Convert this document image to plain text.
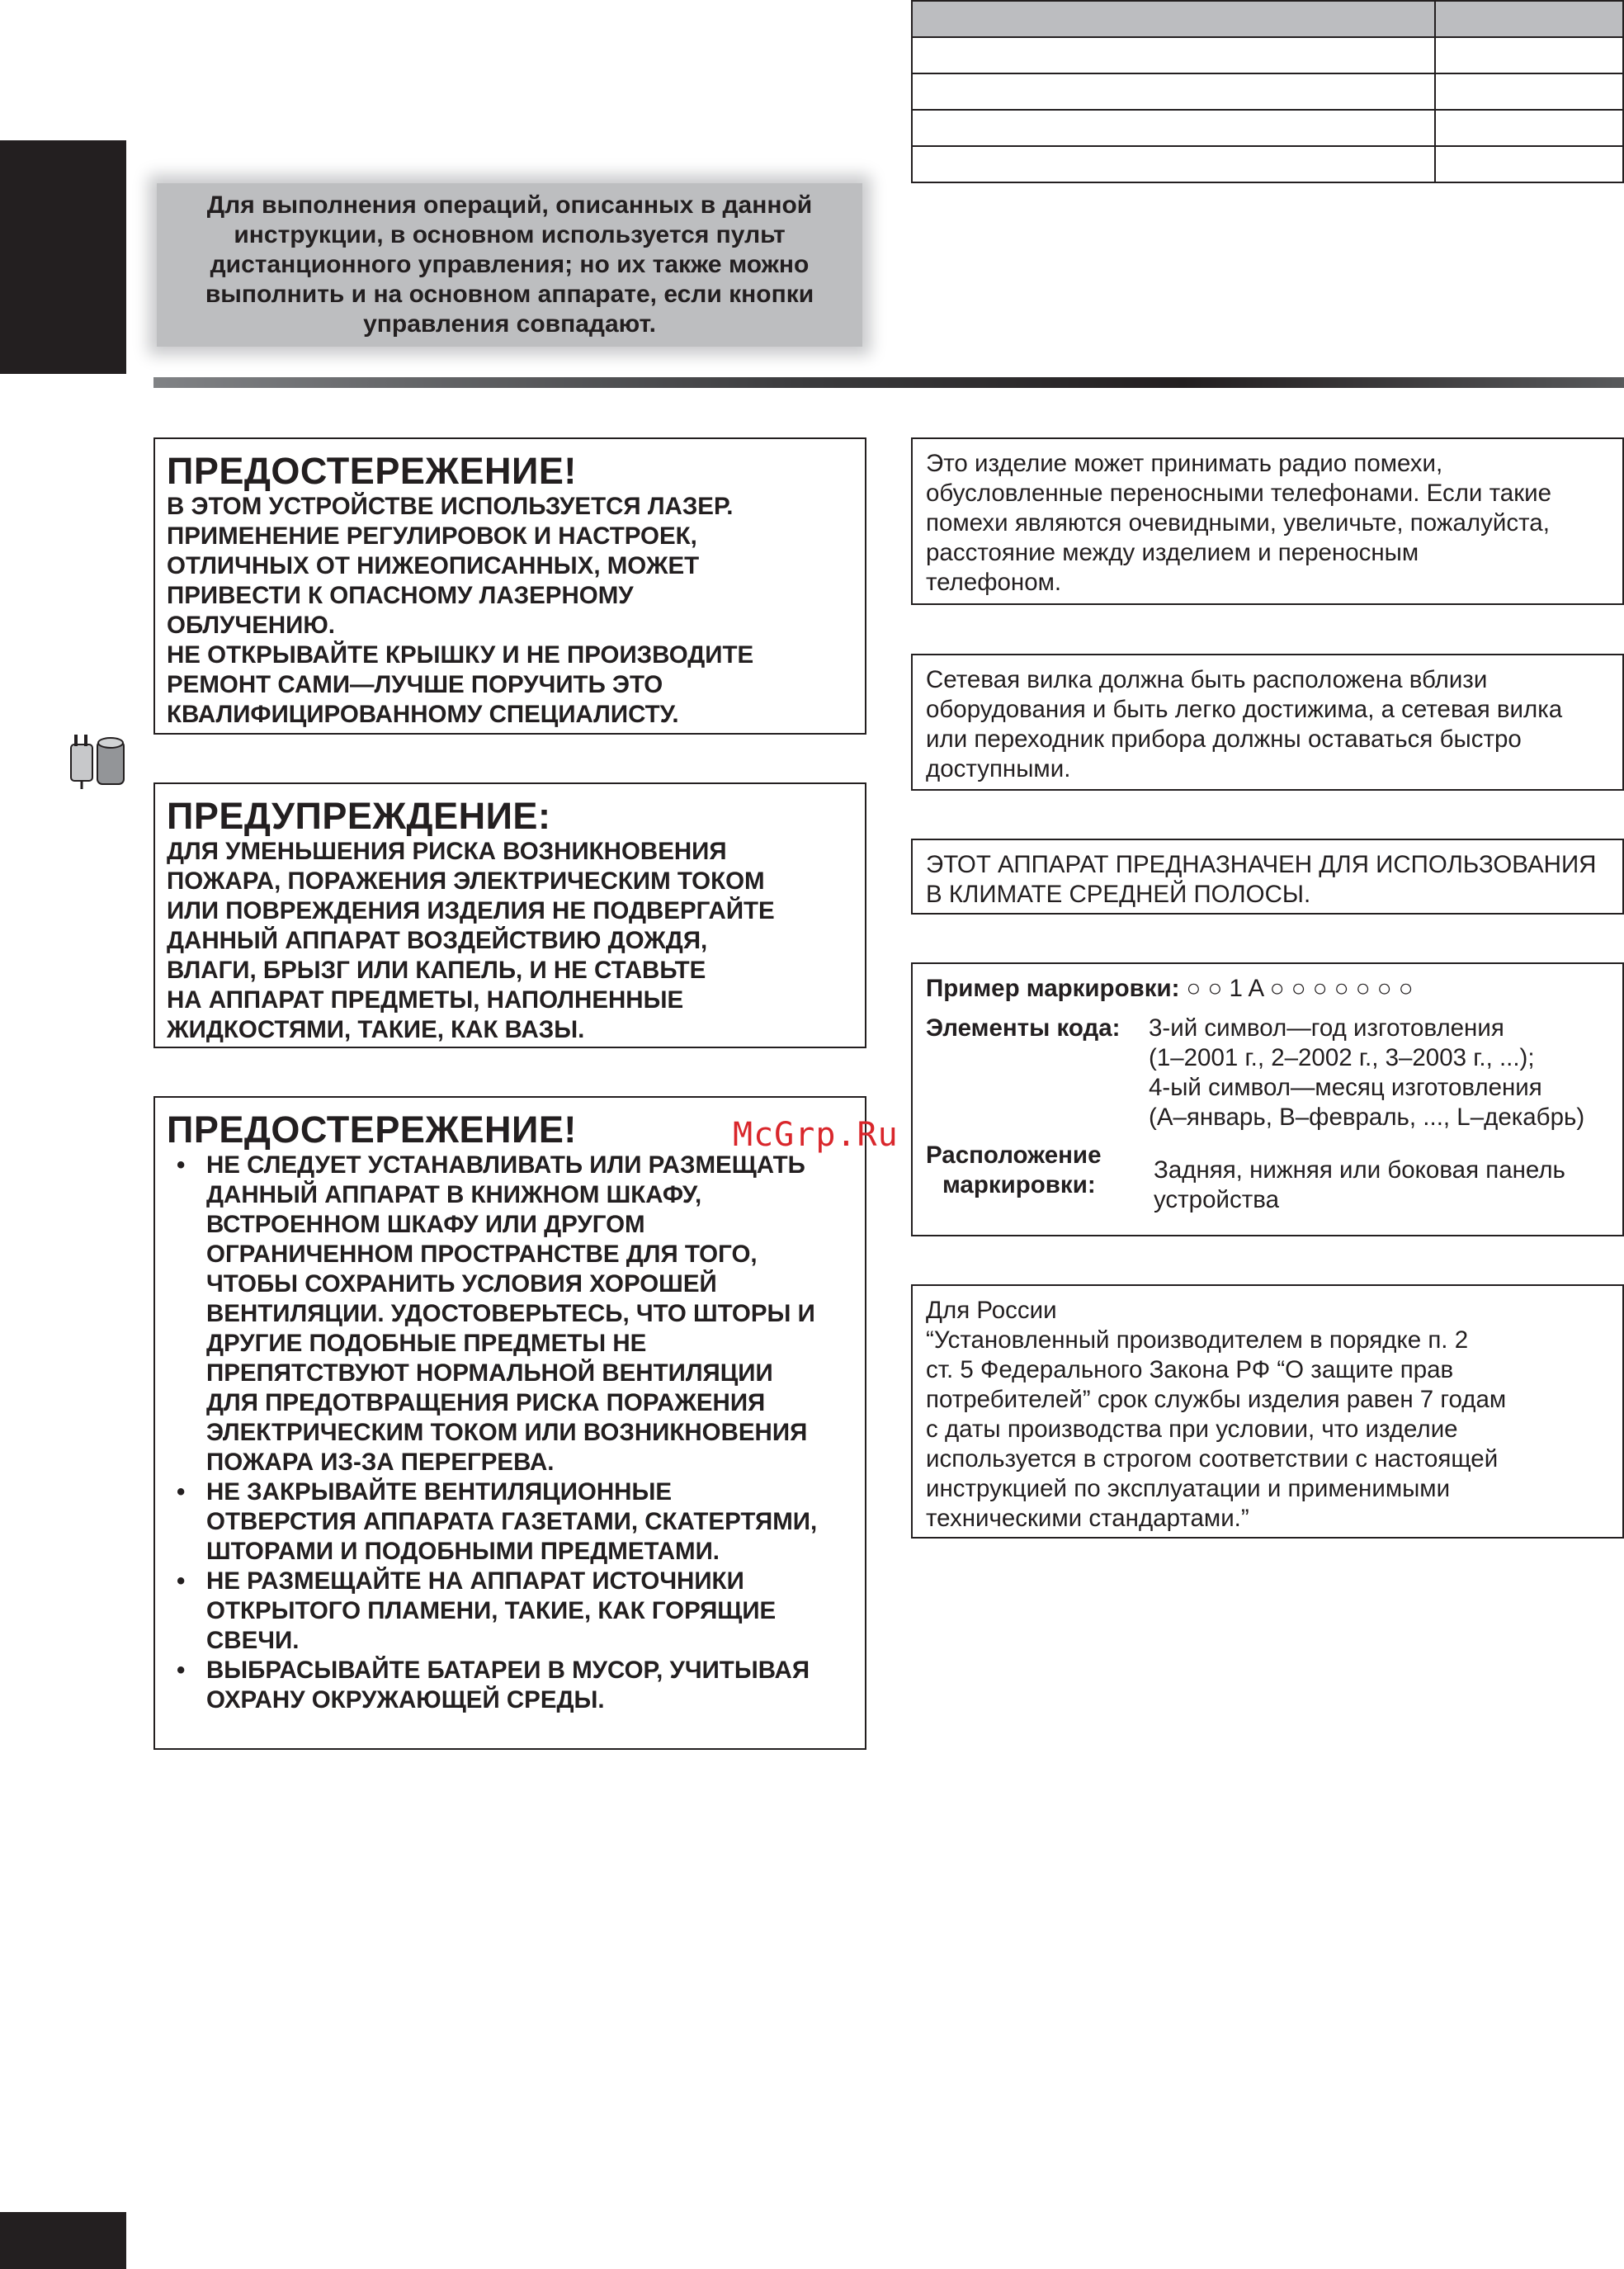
Для выполнения операций, описанных в данной инструкции, в основном используется пульт дистанционного управления; но их также можно выполнить и на основном аппарате, если кнопки управления совпадают.
ПРЕДОСТЕРЕЖЕНИЕ!

В ЭТОМ УСТРОЙСТВЕ ИСПОЛЬЗУЕТСЯ ЛАЗЕР.

ПРИМЕНЕНИЕ РЕГУЛИРОВОК И НАСТРОЕК,

ОТЛИЧНЫХ ОТ НИЖЕОПИСАННЫХ, МОЖЕТ

ПРИВЕСТИ К ОПАСНОМУ ЛАЗЕРНОМУ

ОБЛУЧЕНИЮ.

НЕ ОТКРЫВАЙТЕ КРЫШКУ И НЕ ПРОИЗВОДИТЕ

РЕМОНТ САМИ—ЛУЧШЕ ПОРУЧИТЬ ЭТО

КВАЛИФИЦИРОВАННОМУ СПЕЦИАЛИСТУ.

ПРЕДУПРЕЖДЕНИЕ:

ДЛЯ УМЕНЬШЕНИЯ РИСКА ВОЗНИКНОВЕНИЯ

ПОЖАРА, ПОРАЖЕНИЯ ЭЛЕКТРИЧЕСКИМ ТОКОМ

ИЛИ ПОВРЕЖДЕНИЯ ИЗДЕЛИЯ НЕ ПОДВЕРГАЙТЕ

ДАННЫЙ АППАРАТ ВОЗДЕЙСТВИЮ ДОЖДЯ,

ВЛАГИ, БРЫЗГ ИЛИ КАПЕЛЬ, И НЕ СТАВЬТЕ

НА АППАРАТ ПРЕДМЕТЫ, НАПОЛНЕННЫЕ

ЖИДКОСТЯМИ, ТАКИЕ, КАК ВАЗЫ.

ПРЕДОСТЕРЕЖЕНИЕ!
• НЕ СЛЕДУЕТ УСТАНАВЛИВАТЬ ИЛИ РАЗМЕЩАТЬ ДАННЫЙ АППАРАТ В КНИЖНОМ ШКАФУ, ВСТРОЕННОМ ШКАФУ ИЛИ ДРУГОМ ОГРАНИЧЕННОМ ПРОСТРАНСТВЕ ДЛЯ ТОГО, ЧТОБЫ СОХРАНИТЬ УСЛОВИЯ ХОРОШЕЙ ВЕНТИЛЯЦИИ. УДОСТОВЕРЬТЕСЬ, ЧТО ШТОРЫ И ДРУГИЕ ПОДОБНЫЕ ПРЕДМЕТЫ НЕ ПРЕПЯТСТВУЮТ НОРМАЛЬНОЙ ВЕНТИЛЯЦИИ ДЛЯ ПРЕДОТВРАЩЕНИЯ РИСКА ПОРАЖЕНИЯ ЭЛЕКТРИЧЕСКИМ ТОКОМ ИЛИ ВОЗНИКНОВЕНИЯ ПОЖАРА ИЗ-ЗА ПЕРЕГРЕВА.
• НЕ ЗАКРЫВАЙТЕ ВЕНТИЛЯЦИОННЫЕ ОТВЕРСТИЯ АППАРАТА ГАЗЕТАМИ, СКАТЕРТЯМИ, ШТОРАМИ И ПОДОБНЫМИ ПРЕДМЕТАМИ.
• НЕ РАЗМЕЩАЙТЕ НА АППАРАТ ИСТОЧНИКИ ОТКРЫТОГО ПЛАМЕНИ, ТАКИЕ, КАК ГОРЯЩИЕ СВЕЧИ.
• ВЫБРАСЫВАЙТЕ БАТАРЕИ В МУСОР, УЧИТЫВАЯ ОХРАНУ ОКРУЖАЮЩЕЙ СРЕДЫ.

Это изделие может принимать радио помехи, обусловленные переносными телефонами. Если такие помехи являются очевидными, увеличьте, пожалуйста, расстояние между изделием и переносным телефоном.

Сетевая вилка должна быть расположена вблизи оборудования и быть легко достижима, а сетевая вилка или переходник прибора должны оставаться быстро доступными.

ЭТОТ АППАРАТ ПРЕДНАЗНАЧЕН ДЛЯ ИСПОЛЬЗОВАНИЯ В КЛИМАТЕ СРЕДНЕЙ ПОЛОСЫ.

Пример маркировки: ○ ○ 1 A ○ ○ ○ ○ ○ ○ ○
Элементы кода:	3-ий символ—год изготовления

(1–2001 г., 2–2002 г., 3–2003 г., ...);

4-ый символ—месяц изготовления

(A–январь, B–февраль, ..., L–декабрь)

Расположение

маркировки:

Задняя, нижняя или боковая панель

устройства

Для России

“Установленный производителем в порядке п. 2

ст. 5 Федерального Закона РФ “О защите прав

потребителей” срок службы изделия равен 7 годам

с даты производства при условии, что изделие

используется в строгом соответствии с настоящей

инструкцией по эксплуатации и применимыми

техническими стандартами.”

McGrp.Ru
